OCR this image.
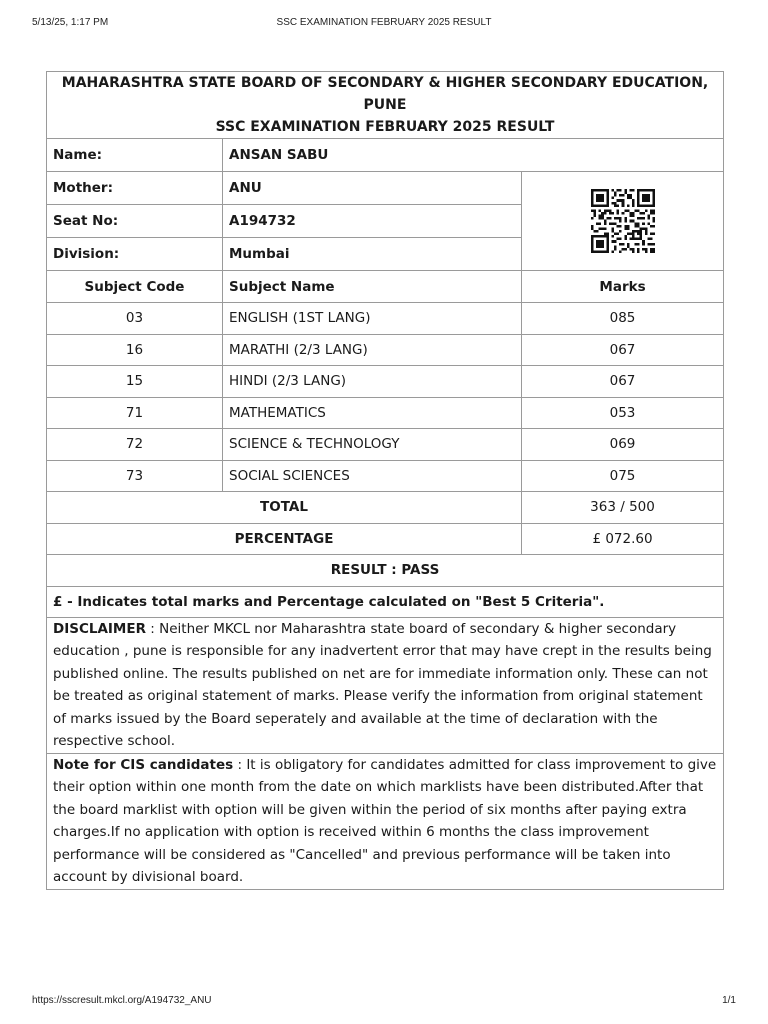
5/13/25, 1:17 PM	SSC EXAMINATION FEBRUARY 2025 RESULT
MAHARASHTRA STATE BOARD OF SECONDARY & HIGHER SECONDARY EDUCATION, PUNE
SSC EXAMINATION FEBRUARY 2025 RESULT		

Name:	ANSAN SABU	
Mother:	ANU	

Seat No:	A194732	
Division:	Mumbai	
Subject Code	Subject Name	Marks
03	ENGLISH (1ST LANG)	085
16	MARATHI (2/3 LANG)	067
15	HINDI (2/3 LANG)	067
71	MATHEMATICS	053
72	SCIENCE & TECHNOLOGY	069
73	SOCIAL SCIENCES	075
TOTAL		363 / 500
PERCENTAGE		£ 072.60
RESULT : PASS		
£ - Indicates total marks and Percentage calculated on "Best 5 Criteria".		
DISCLAIMER : Neither MKCL nor Maharashtra state board of secondary & higher secondary education , pune is responsible for any inadvertent error that may have crept in the results being published online. The results published on net are for immediate information only. These can not be treated as original statement of marks. Please verify the information from original statement of marks issued by the Board seperately and available at the time of declaration with the respective school.		
Note for CIS candidates : It is obligatory for candidates admitted for class improvement to give their option within one month from the date on which marklists have been distributed.After that the board marklist with option will be given within the period of six months after paying extra charges.If no application with option is received within 6 months the class improvement performance will be considered as "Cancelled" and previous performance will be taken into account by divisional board.		
https://sscresult.mkcl.org/A194732_ANU	1/1
